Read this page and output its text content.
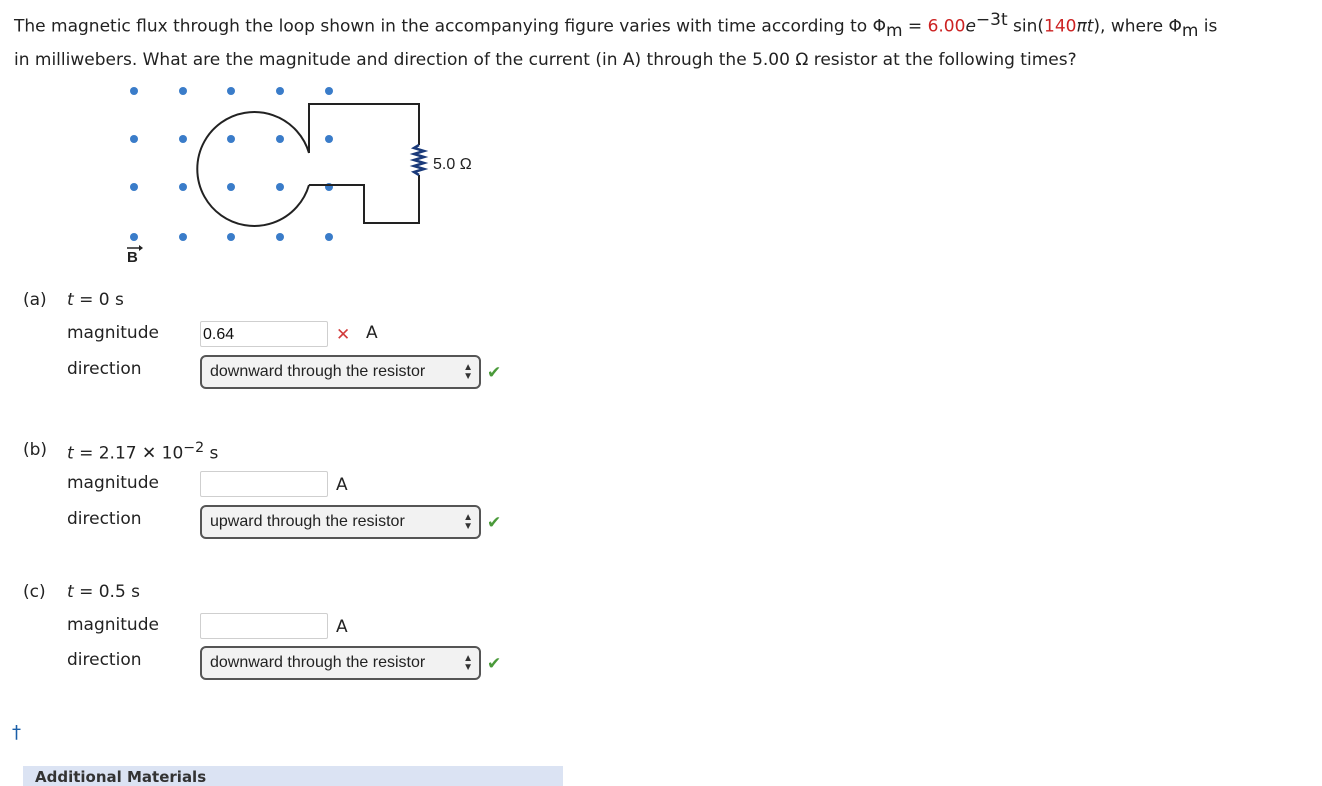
The magnetic flux through the loop shown in the accompanying figure varies with time according to $\Phi_m = 6.00e^{-3t}$ sin(140πt), where $\Phi_m$ is
in milliwebers. What are the magnitude and direction of the current (in A) through the 5.00 Ω resistor at the following times?
5.0 Ω
B
(a) t = 0 s
magnitude	0.64	✕ A
direction	downward through the resistor	▲
▼ ✔
(b) t = 2.17 ✕ $10^{-2}$ s
magnitude	A
direction	upward through the resistor	▲
▼ ✔
(c) t = 0.5 s
magnitude	A
direction	downward through the resistor	▲
▼ ✔
†
Additional Materials
